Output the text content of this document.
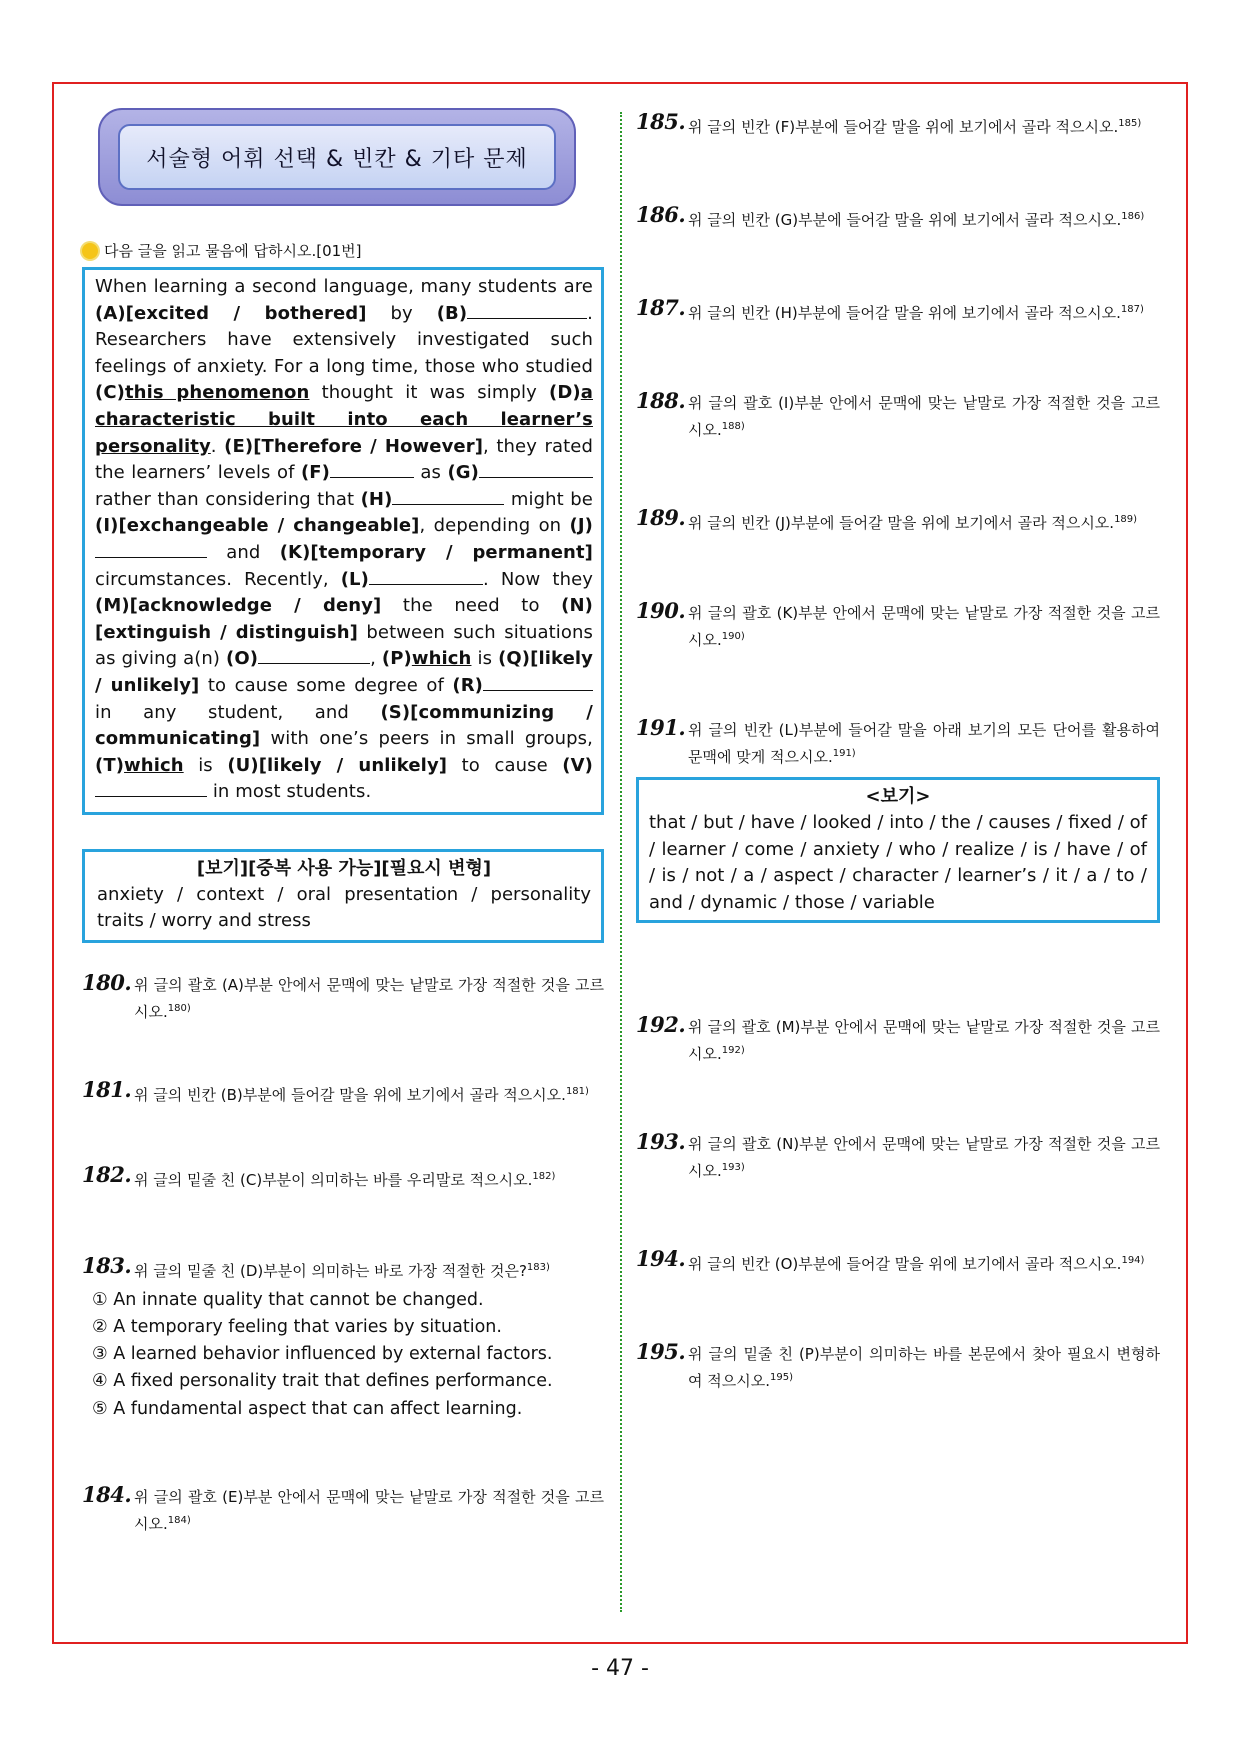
서술형 어휘 선택 & 빈칸 & 기타 문제
다음 글을 읽고 물음에 답하시오.[01번]
When learning a second language, many students are (A)[excited / bothered] by (B)	. Researchers have extensively investigated such feelings of anxiety. For a long time, those who studied (C)this phenomenon thought it was simply (D)a characteristic built into each learner’s personality. (E)[Therefore / However], they rated the learners’ levels of (F)	as (G) rather than considering that (H)	might be (I)[exchangeable / changeable], depending on (J) and (K)[temporary / permanent] circumstances. Recently, (L)	. Now they (M)[acknowledge / deny] the need to (N)[extinguish / distinguish] between such situations as giving a(n) (O)	, (P)which is (Q)[likely / unlikely] to cause some degree of (R) in any student, and (S)[communizing / communicating] with one’s peers in small groups, (T)which is (U)[likely / unlikely] to cause (V) in most students.
[보기][중복 사용 가능][필요시 변형]
anxiety / context / oral presentation / personality traits / worry and stress
180. 위 글의 괄호 (A)부분 안에서 문맥에 맞는 낱말로 가장 적절한 것을 고르시오.$^{180)}$
181. 위 글의 빈칸 (B)부분에 들어갈 말을 위에 보기에서 골라 적으시오.$^{181)}$
182. 위 글의 밑줄 친 (C)부분이 의미하는 바를 우리말로 적으시오.$^{182)}$
183. 위 글의 밑줄 친 (D)부분이 의미하는 바로 가장 적절한 것은?$^{183)}$
① An innate quality that cannot be changed.
② A temporary feeling that varies by situation.
③ A learned behavior influenced by external factors.
④ A fixed personality trait that defines performance.
⑤ A fundamental aspect that can affect learning.
184. 위 글의 괄호 (E)부분 안에서 문맥에 맞는 낱말로 가장 적절한 것을 고르시오.$^{184)}$
185. 위 글의 빈칸 (F)부분에 들어갈 말을 위에 보기에서 골라 적으시오.$^{185)}$
186. 위 글의 빈칸 (G)부분에 들어갈 말을 위에 보기에서 골라 적으시오.$^{186)}$
187. 위 글의 빈칸 (H)부분에 들어갈 말을 위에 보기에서 골라 적으시오.$^{187)}$
188. 위 글의 괄호 (I)부분 안에서 문맥에 맞는 낱말로 가장 적절한 것을 고르시오.$^{188)}$
189. 위 글의 빈칸 (J)부분에 들어갈 말을 위에 보기에서 골라 적으시오.$^{189)}$
190. 위 글의 괄호 (K)부분 안에서 문맥에 맞는 낱말로 가장 적절한 것을 고르시오.$^{190)}$
191. 위 글의 빈칸 (L)부분에 들어갈 말을 아래 보기의 모든 단어를 활용하여 문맥에 맞게 적으시오.$^{191)}$
<보기>
that / but / have / looked / into / the / causes / fixed / of / learner / come / anxiety / who / realize / is / have / of / is / not / a / aspect / character / learner’s / it / a / to / and / dynamic / those / variable
192. 위 글의 괄호 (M)부분 안에서 문맥에 맞는 낱말로 가장 적절한 것을 고르시오.$^{192)}$
193. 위 글의 괄호 (N)부분 안에서 문맥에 맞는 낱말로 가장 적절한 것을 고르시오.$^{193)}$
194. 위 글의 빈칸 (O)부분에 들어갈 말을 위에 보기에서 골라 적으시오.$^{194)}$
195. 위 글의 밑줄 친 (P)부분이 의미하는 바를 본문에서 찾아 필요시 변형하여 적으시오.$^{195)}$
- 47 -
